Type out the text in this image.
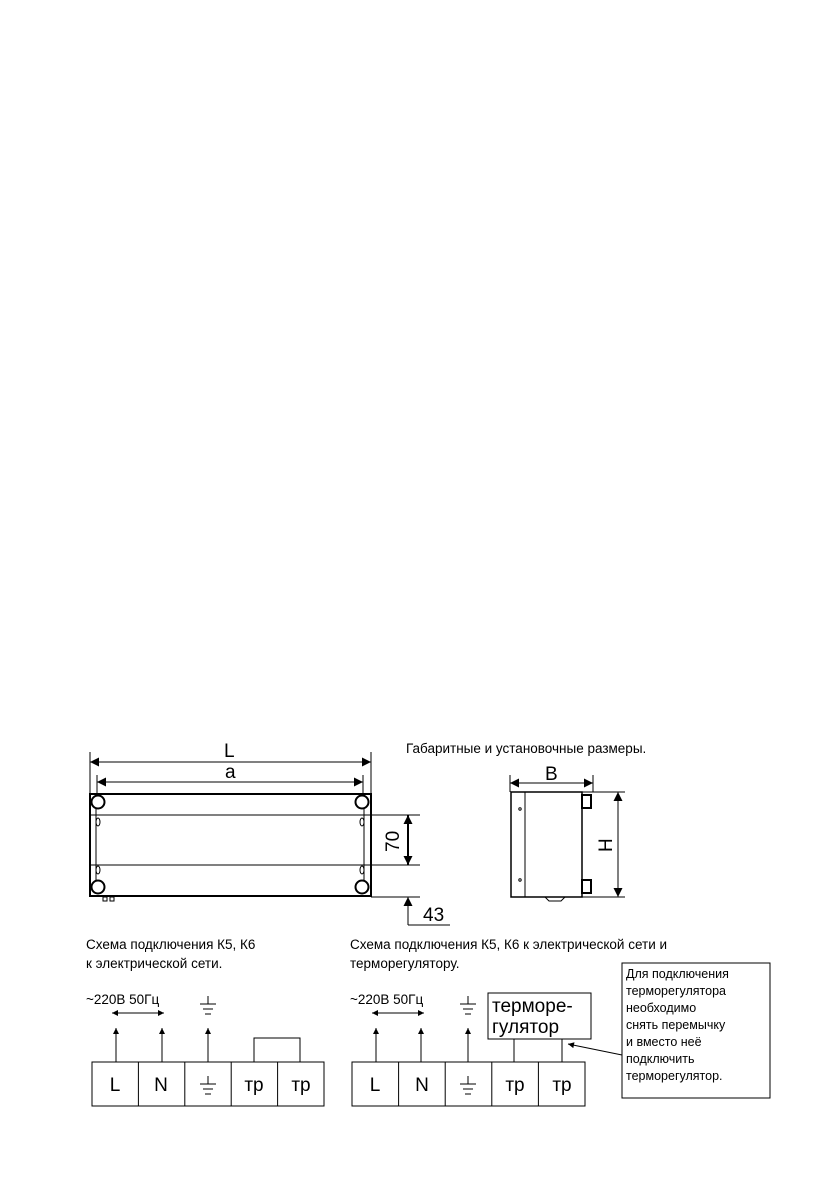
Габаритные и установочные размеры.
L
a
70
43
B
H
Схема подключения К5, К6
к электрической сети.
~220В 50Гц
L N	тр тр	L N	тр тр
Схема подключения К5, К6 к электрической сети и
терморегулятору.
~220В 50Гц	терморе-
гулятор
Для подключения
терморегулятора
необходимо
снять перемычку
и вместо неё
подключить
терморегулятор.
